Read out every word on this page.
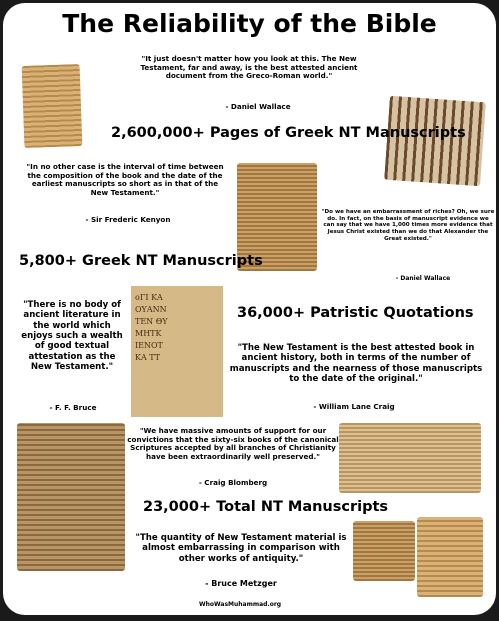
The Reliability of the Bible
οΓΙ ΚΑ
ΟΥΑΝΝ
ΤΕΝ ΘΥ
ΜΗΤΚ
ΙΕΝΟΤ
ΚΑ ΤΤ
"It just doesn't matter how you look at this. The New Testament, far and away, is the best attested ancient document from the Greco-Roman world."
- Daniel Wallace
2,600,000+ Pages of Greek NT Manuscripts
"In no other case is the interval of time between the composition of the book and the date of the earliest manuscripts so short as in that of the New Testament."
- Sir Frederic Kenyon
"Do we have an embarrassment of riches? Oh, we sure do. In fact, on the basis of manuscript evidence we can say that we have 1,000 times more evidence that Jesus Christ existed than we do that Alexander the Great existed."
- Daniel Wallace
5,800+ Greek NT Manuscripts
"There is no body of ancient literature in the world which enjoys such a wealth of good textual attestation as the New Testament."
- F. F. Bruce
36,000+ Patristic Quotations
"The New Testament is the best attested book in ancient history, both in terms of the number of manuscripts and the nearness of those manuscripts to the date of the original."
- William Lane Craig
"We have massive amounts of support for our convictions that the sixty-six books of the canonical Scriptures accepted by all branches of Christianity have been extraordinarily well preserved."
- Craig Blomberg
23,000+ Total NT Manuscripts
"The quantity of New Testament material is almost embarrassing in comparison with other works of antiquity."
- Bruce Metzger
WhoWasMuhammad.org
